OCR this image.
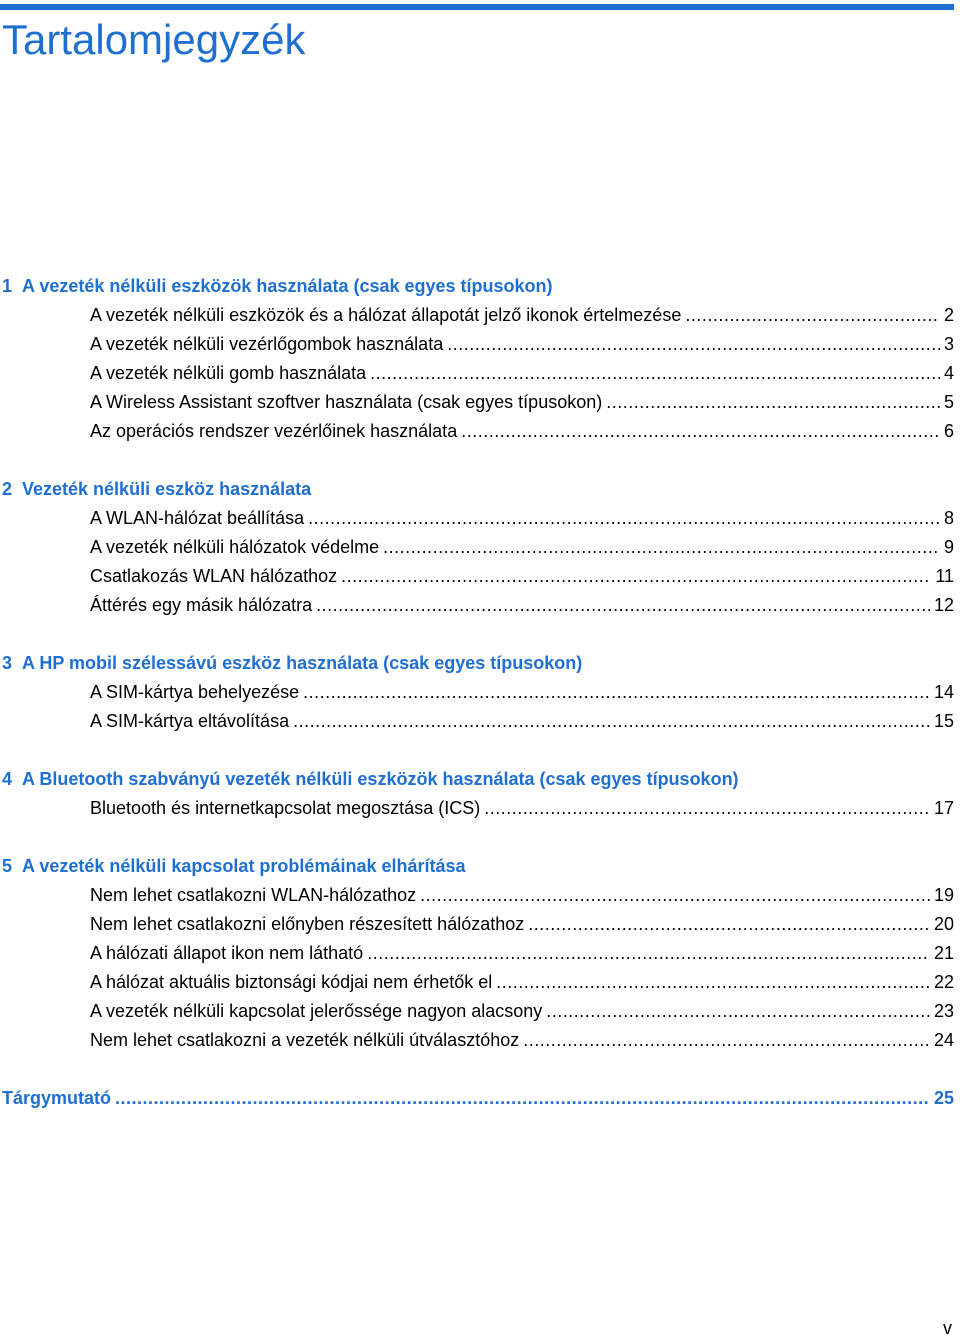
Tartalomjegyzék
1 A vezeték nélküli eszközök használata (csak egyes típusokon)
A vezeték nélküli eszközök és a hálózat állapotát jelző ikonok értelmezése .....	2
A vezeték nélküli vezérlőgombok használata .....	3
A vezeték nélküli gomb használata .....	4
A Wireless Assistant szoftver használata (csak egyes típusokon) .....	5
Az operációs rendszer vezérlőinek használata .....	6
2 Vezeték nélküli eszköz használata
A WLAN-hálózat beállítása .....	8
A vezeték nélküli hálózatok védelme .....	9
Csatlakozás WLAN hálózathoz .....	11
Áttérés egy másik hálózatra .....	12
3 A HP mobil szélessávú eszköz használata (csak egyes típusokon)
A SIM-kártya behelyezése .....	14
A SIM-kártya eltávolítása .....	15
4 A Bluetooth szabványú vezeték nélküli eszközök használata (csak egyes típusokon)
Bluetooth és internetkapcsolat megosztása (ICS) .....	17
5 A vezeték nélküli kapcsolat problémáinak elhárítása
Nem lehet csatlakozni WLAN-hálózathoz .....	19
Nem lehet csatlakozni előnyben részesített hálózathoz .....	20
A hálózati állapot ikon nem látható .....	21
A hálózat aktuális biztonsági kódjai nem érhetők el .....	22
A vezeték nélküli kapcsolat jelerőssége nagyon alacsony .....	23
Nem lehet csatlakozni a vezeték nélküli útválasztóhoz .....	24
Tárgymutató .....	25
v
